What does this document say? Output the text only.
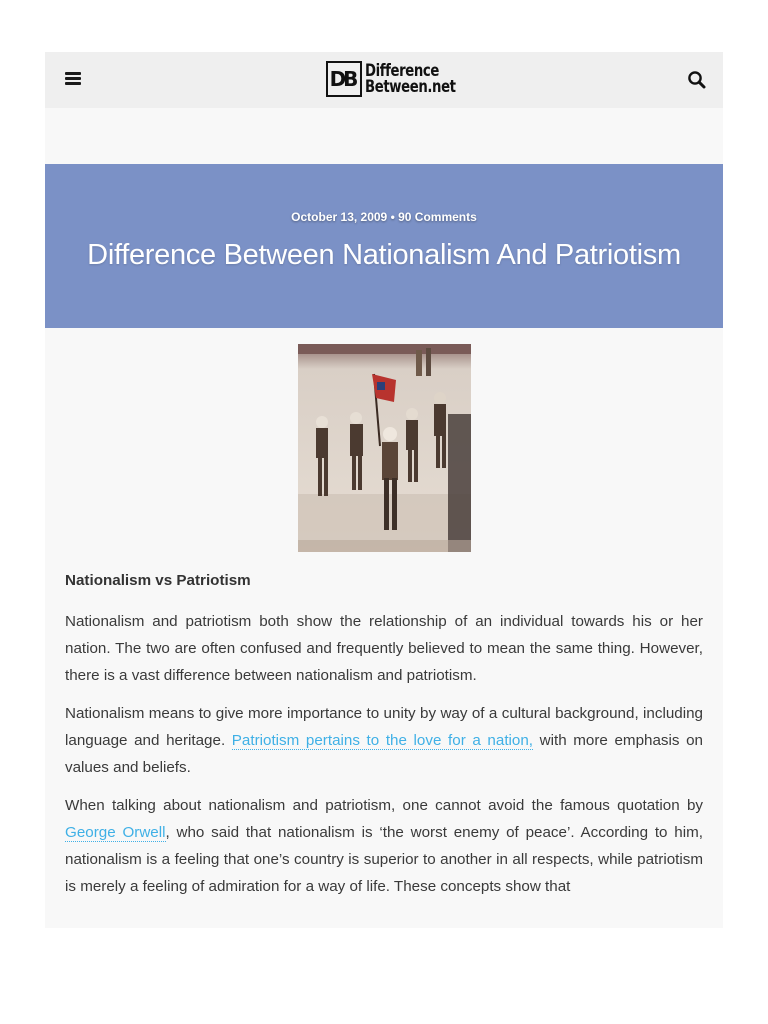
DB Difference
Between.net
October 13, 2009 • 90 Comments
Difference Between Nationalism And Patriotism
Nationalism vs Patriotism

Nationalism and patriotism both show the relationship of an individual towards his or her nation. The two are often confused and frequently believed to mean the same thing. However, there is a vast difference between nationalism and patriotism.

Nationalism means to give more importance to unity by way of a cultural background, including language and heritage. Patriotism pertains to the love for a nation, with more emphasis on values and beliefs.

When talking about nationalism and patriotism, one cannot avoid the famous quotation by George Orwell, who said that nationalism is ‘the worst enemy of peace’. According to him, nationalism is a feeling that one’s country is superior to another in all respects, while patriotism is merely a feeling of admiration for a way of life. These concepts show that
